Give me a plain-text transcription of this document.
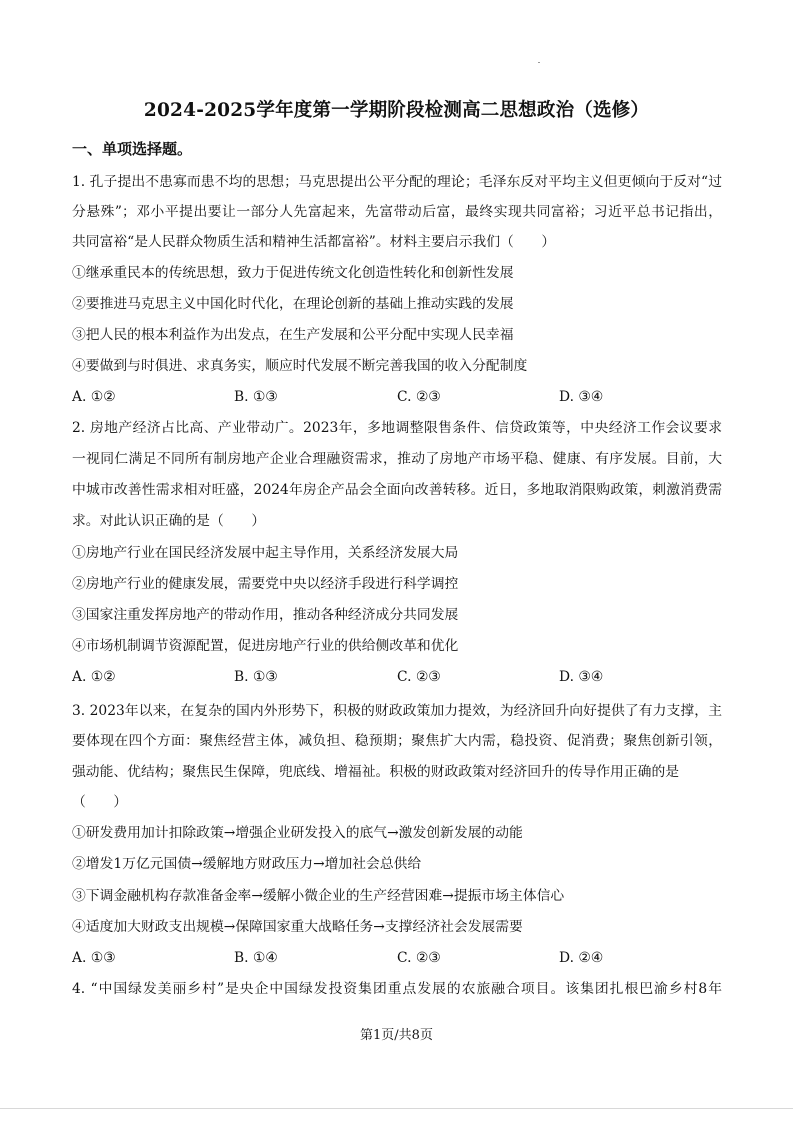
2024-2025学年度第一学期阶段检测高二思想政治（选修）
一、单项选择题。
1. 孔子提出不患寡而患不均的思想；马克思提出公平分配的理论；毛泽东反对平均主义但更倾向于反对“过
分悬殊”；邓小平提出要让一部分人先富起来，先富带动后富，最终实现共同富裕；习近平总书记指出，
共同富裕“是人民群众物质生活和精神生活都富裕”。材料主要启示我们（　　）
①继承重民本的传统思想，致力于促进传统文化创造性转化和创新性发展
②要推进马克思主义中国化时代化，在理论创新的基础上推动实践的发展
③把人民的根本利益作为出发点，在生产发展和公平分配中实现人民幸福
④要做到与时俱进、求真务实，顺应时代发展不断完善我国的收入分配制度
A. ①②	B. ①③	C. ②③	D. ③④
2. 房地产经济占比高、产业带动广。2023年，多地调整限售条件、信贷政策等，中央经济工作会议要求
一视同仁满足不同所有制房地产企业合理融资需求，推动了房地产市场平稳、健康、有序发展。目前，大
中城市改善性需求相对旺盛，2024年房企产品会全面向改善转移。近日，多地取消限购政策，刺激消费需
求。对此认识正确的是（　　）
①房地产行业在国民经济发展中起主导作用，关系经济发展大局
②房地产行业的健康发展，需要党中央以经济手段进行科学调控
③国家注重发挥房地产的带动作用，推动各种经济成分共同发展
④市场机制调节资源配置，促进房地产行业的供给侧改革和优化
A. ①②	B. ①③	C. ②③	D. ③④
3. 2023年以来，在复杂的国内外形势下，积极的财政政策加力提效，为经济回升向好提供了有力支撑，主
要体现在四个方面：聚焦经营主体，减负担、稳预期；聚焦扩大内需，稳投资、促消费；聚焦创新引领，
强动能、优结构；聚焦民生保障，兜底线、增福祉。积极的财政政策对经济回升的传导作用正确的是
（　　）
①研发费用加计扣除政策→增强企业研发投入的底气→激发创新发展的动能
②增发1万亿元国债→缓解地方财政压力→增加社会总供给
③下调金融机构存款准备金率→缓解小微企业的生产经营困难→提振市场主体信心
④适度加大财政支出规模→保障国家重大战略任务→支撑经济社会发展需要
A. ①③	B. ①④	C. ②③	D. ②④
4. “中国绿发美丽乡村”是央企中国绿发投资集团重点发展的农旅融合项目。该集团扎根巴渝乡村8年
第1页/共8页
